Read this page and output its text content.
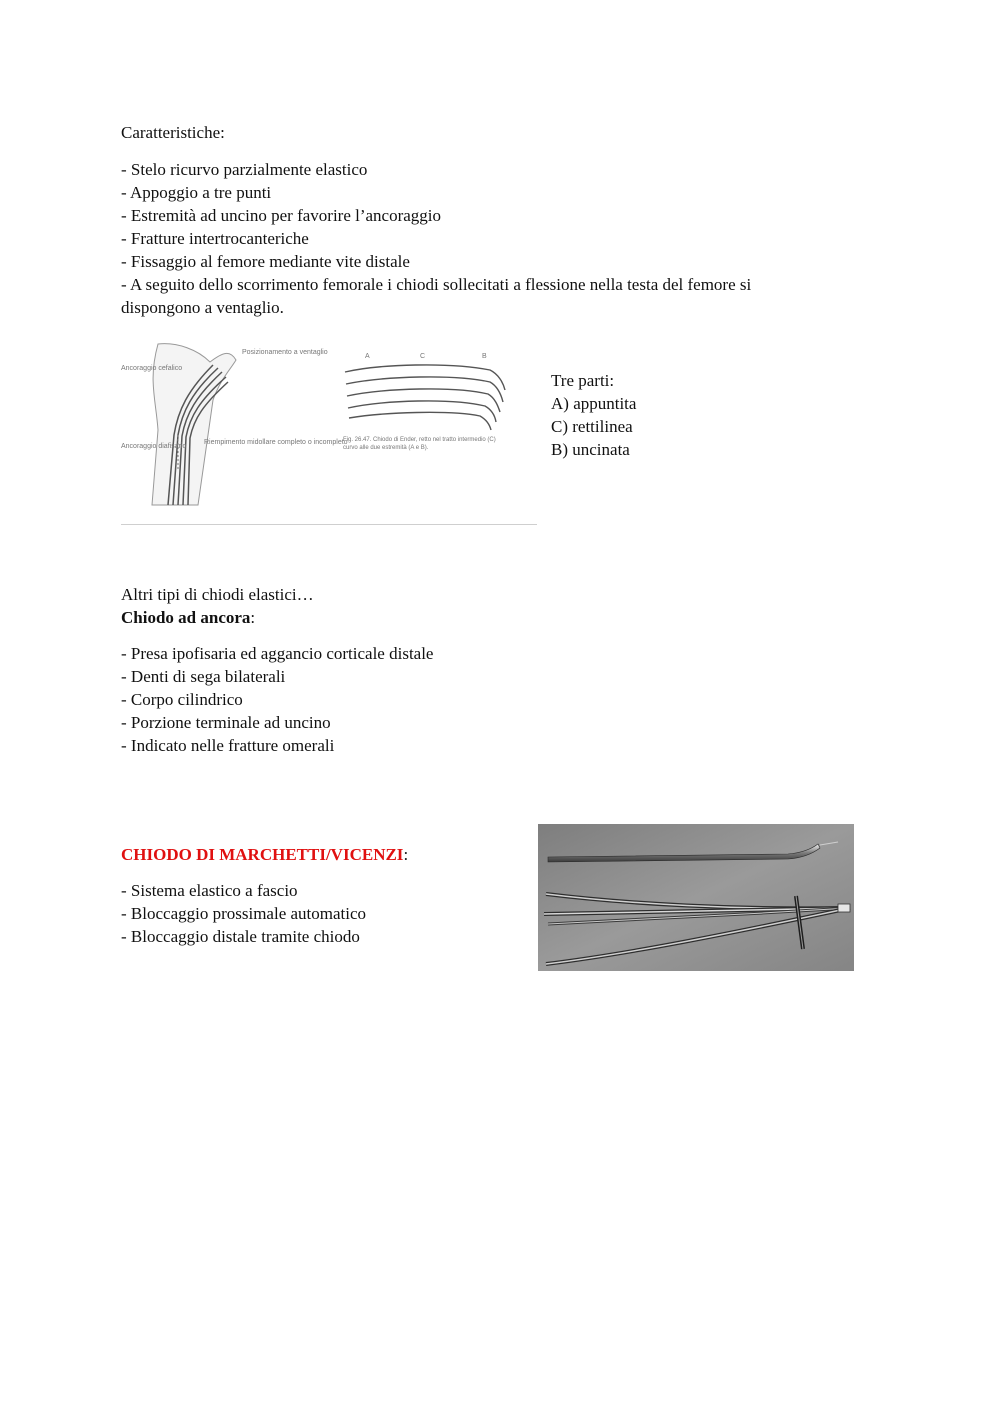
Caratteristiche:
- Stelo ricurvo parzialmente elastico
- Appoggio a tre punti
- Estremità ad uncino per favorire l’ancoraggio
- Fratture intertrocanteriche
- Fissaggio al femore mediante vite distale
- A seguito dello scorrimento femorale i chiodi sollecitati a flessione nella testa del femore si dispongono a ventaglio.
Ancoraggio cefalico
Posizionamento a ventaglio
Ancoraggio diafisario
Riempimento midollare completo o incompleto
A	C	B
Fig. 26.47. Chiodo di Ender, retto nel tratto intermedio (C) curvo alle due estremità (A e B).
Tre parti:
A) appuntita
C) rettilinea
B) uncinata
Altri tipi di chiodi elastici…
Chiodo ad ancora:
- Presa ipofisaria ed aggancio corticale distale
- Denti di sega bilaterali
- Corpo cilindrico
- Porzione terminale ad uncino
- Indicato nelle fratture omerali
CHIODO DI MARCHETTI/VICENZI:
- Sistema elastico a fascio
- Bloccaggio prossimale automatico
- Bloccaggio distale tramite chiodo
